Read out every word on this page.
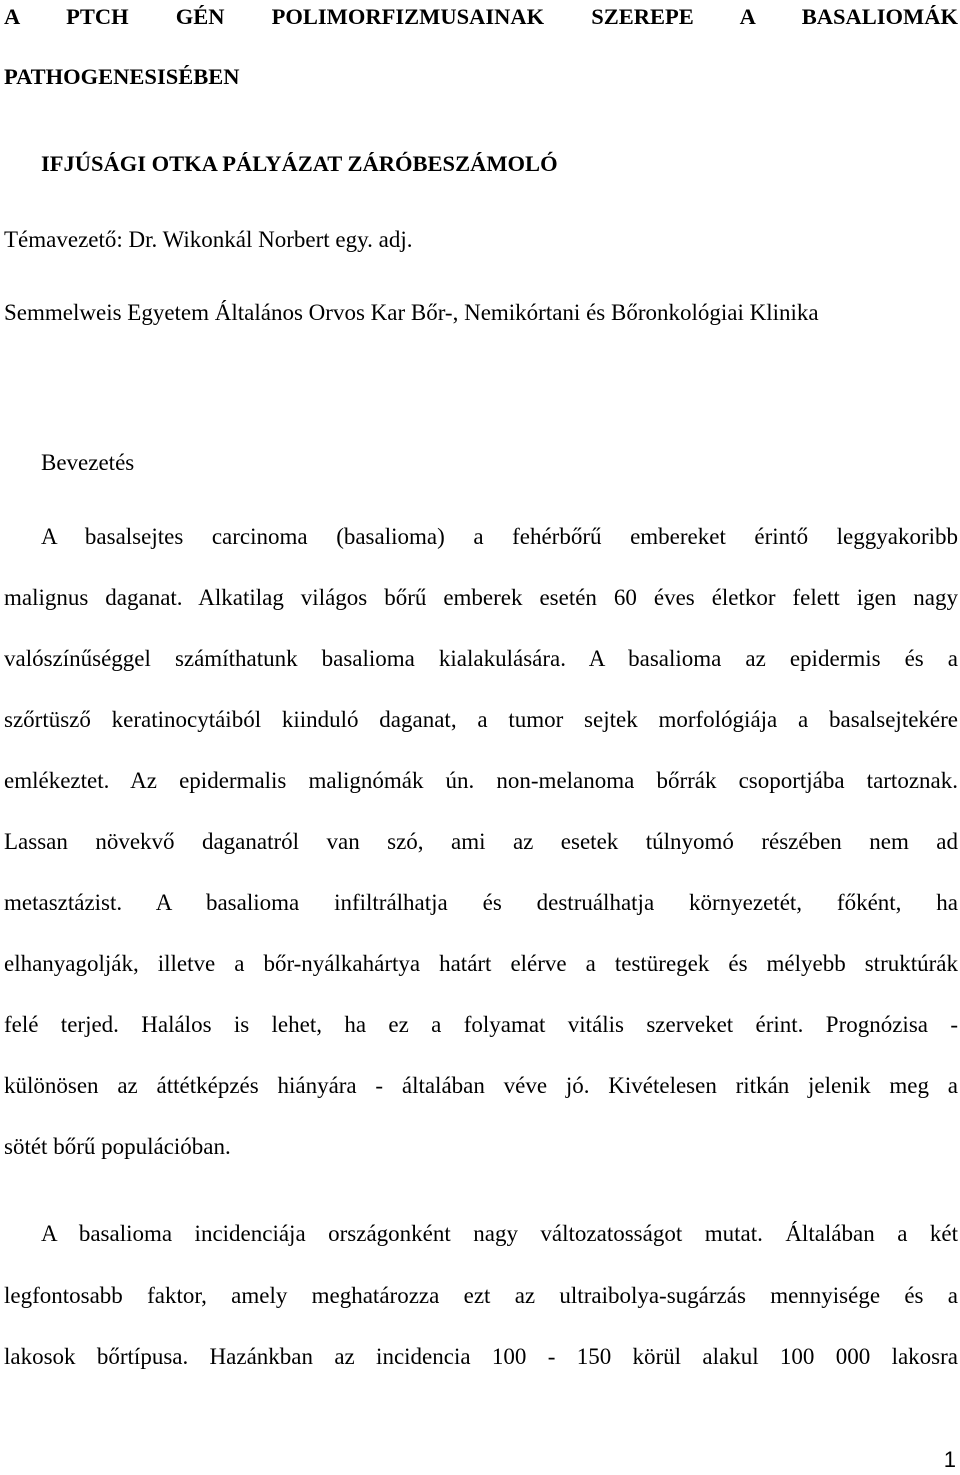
A PTCH GÉN POLIMORFIZMUSAINAK SZEREPE A BASALIOMÁK
PATHOGENESISÉBEN
IFJÚSÁGI OTKA PÁLYÁZAT ZÁRÓBESZÁMOLÓ
Témavezető: Dr. Wikonkál Norbert egy. adj.
Semmelweis Egyetem Általános Orvos Kar Bőr-, Nemikórtani és Bőronkológiai Klinika
Bevezetés
A basalsejtes carcinoma (basalioma) a fehérbőrű embereket érintő leggyakoribb
malignus daganat. Alkatilag világos bőrű emberek esetén 60 éves életkor felett igen nagy
valószínűséggel számíthatunk basalioma kialakulására. A basalioma az epidermis és a
szőrtüsző keratinocytáiból kiinduló daganat, a tumor sejtek morfológiája a basalsejtekére
emlékeztet. Az epidermalis malignómák ún. non-melanoma bőrrák csoportjába tartoznak.
Lassan növekvő daganatról van szó, ami az esetek túlnyomó részében nem ad
metasztázist. A basalioma infiltrálhatja és destruálhatja környezetét, főként, ha
elhanyagolják, illetve a bőr-nyálkahártya határt elérve a testüregek és mélyebb struktúrák
felé terjed. Halálos is lehet, ha ez a folyamat vitális szerveket érint. Prognózisa -
különösen az áttétképzés hiányára - általában véve jó. Kivételesen ritkán jelenik meg a
sötét bőrű populációban.
A basalioma incidenciája országonként nagy változatosságot mutat. Általában a két
legfontosabb faktor, amely meghatározza ezt az ultraibolya-sugárzás mennyisége és a
lakosok bőrtípusa. Hazánkban az incidencia 100 - 150 körül alakul 100 000 lakosra
1
